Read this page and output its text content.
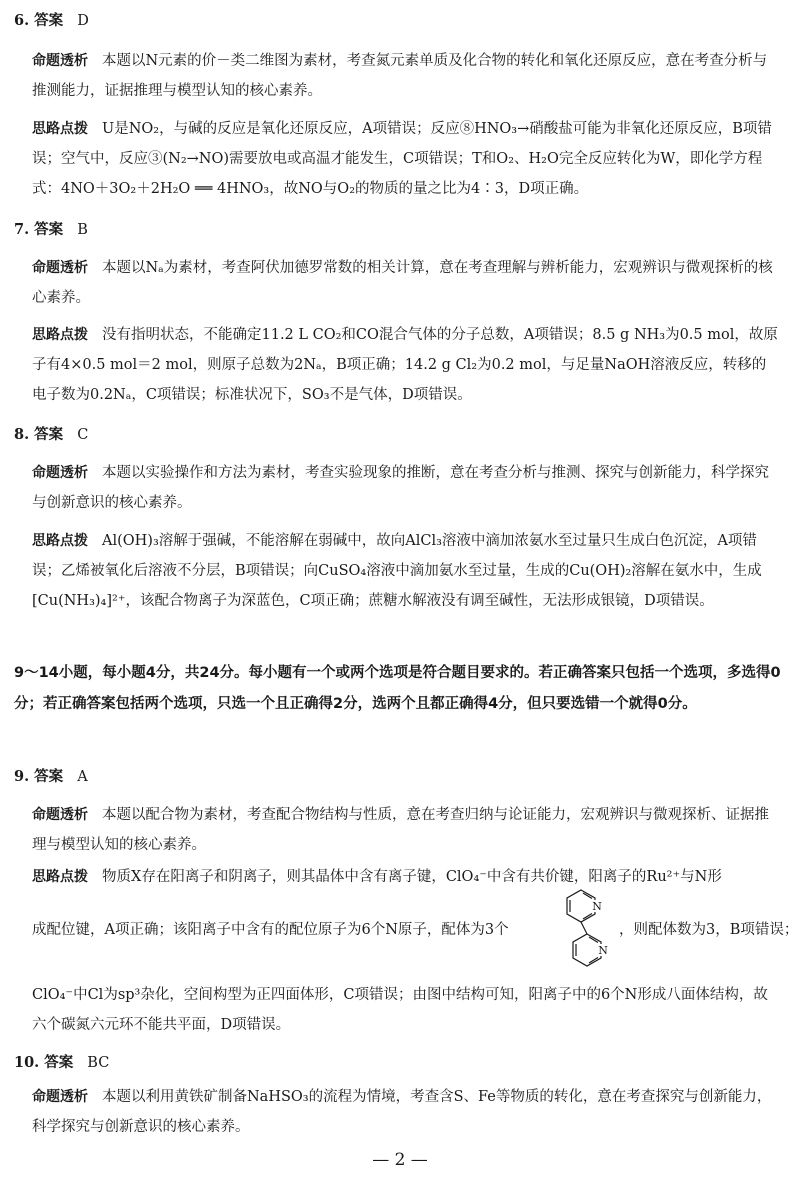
6. 答案 D
命题透析 本题以N元素的价－类二维图为素材，考查氮元素单质及化合物的转化和氧化还原反应，意在考查分析与推测能力，证据推理与模型认知的核心素养。
思路点拨 U是NO₂，与碱的反应是氧化还原反应，A项错误；反应⑧HNO₃→硝酸盐可能为非氧化还原反应，B项错误；空气中，反应③(N₂→NO)需要放电或高温才能发生，C项错误；T和O₂、H₂O完全反应转化为W，即化学方程式：4NO＋3O₂＋2H₂O ══ 4HNO₃，故NO与O₂的物质的量之比为4∶3，D项正确。
7. 答案 B
命题透析 本题以Nₐ为素材，考查阿伏加德罗常数的相关计算，意在考查理解与辨析能力，宏观辨识与微观探析的核心素养。
思路点拨 没有指明状态，不能确定11.2 L CO₂和CO混合气体的分子总数，A项错误；8.5 g NH₃为0.5 mol，故原子有4×0.5 mol＝2 mol，则原子总数为2Nₐ，B项正确；14.2 g Cl₂为0.2 mol，与足量NaOH溶液反应，转移的电子数为0.2Nₐ，C项错误；标准状况下，SO₃不是气体，D项错误。
8. 答案 C
命题透析 本题以实验操作和方法为素材，考查实验现象的推断，意在考查分析与推测、探究与创新能力，科学探究与创新意识的核心素养。
思路点拨 Al(OH)₃溶解于强碱，不能溶解在弱碱中，故向AlCl₃溶液中滴加浓氨水至过量只生成白色沉淀，A项错误；乙烯被氧化后溶液不分层，B项错误；向CuSO₄溶液中滴加氨水至过量，生成的Cu(OH)₂溶解在氨水中，生成[Cu(NH₃)₄]²⁺，该配合物离子为深蓝色，C项正确；蔗糖水解液没有调至碱性，无法形成银镜，D项错误。
9～14小题，每小题4分，共24分。每小题有一个或两个选项是符合题目要求的。若正确答案只包括一个选项，多选得0分；若正确答案包括两个选项，只选一个且正确得2分，选两个且都正确得4分，但只要选错一个就得0分。
9. 答案 A
命题透析 本题以配合物为素材，考查配合物结构与性质，意在考查归纳与论证能力，宏观辨识与微观探析、证据推理与模型认知的核心素养。
思路点拨 物质X存在阳离子和阴离子，则其晶体中含有离子键，ClO₄⁻中含有共价键，阳离子的Ru²⁺与N形
成配位键，A项正确；该阳离子中含有的配位原子为6个N原子，配体为3个
N
N
，则配体数为3，B项错误；
ClO₄⁻中Cl为sp³杂化，空间构型为正四面体形，C项错误；由图中结构可知，阳离子中的6个N形成八面体结构，故六个碳氮六元环不能共平面，D项错误。
10. 答案 BC
命题透析 本题以利用黄铁矿制备NaHSO₃的流程为情境，考查含S、Fe等物质的转化，意在考查探究与创新能力，科学探究与创新意识的核心素养。
— 2 —
